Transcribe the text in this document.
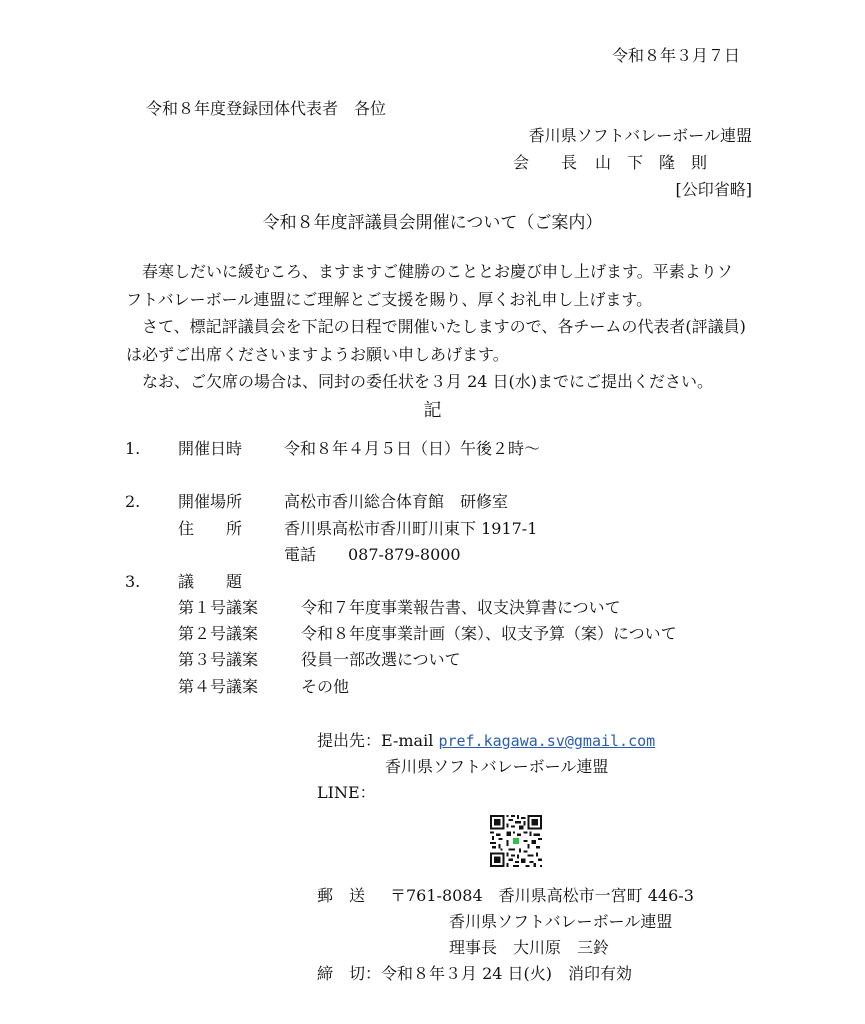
令和８年３月７日
令和８年度登録団体代表者　各位
香川県ソフトバレーボール連盟
会　　長 山　下　隆　則
[公印省略]
令和８年度評議員会開催について（ご案内）

春寒しだいに緩むころ、ますますご健勝のこととお慶び申し上げます。平素よりソフトバレーボール連盟にご理解とご支援を賜り、厚くお礼申し上げます。

さて、標記評議員会を下記の日程で開催いたしますので、各チームの代表者(評議員)は必ずご出席くださいますようお願い申しあげます。

なお、ご欠席の場合は、同封の委任状を３月 24 日(水)までにご提出ください。

記
1. 開催日時	令和８年４月５日（日）午後２時～
2. 開催場所	高松市香川総合体育館　研修室
住　　所	香川県高松市香川町川東下 1917-1
電話　　087-879-8000
3. 議　　題
第１号議案	令和７年度事業報告書、収支決算書について
第２号議案	令和８年度事業計画（案）、収支予算（案）について
第３号議案	役員一部改選について
第４号議案	その他
提出先：E-mail pref.kagawa.sv@gmail.com
香川県ソフトバレーボール連盟
LINE：
郵　送 〒761-8084　香川県高松市一宮町 446-3
香川県ソフトバレーボール連盟
理事長　大川原　三鈴
締　切：令和８年３月 24 日(火)　消印有効
